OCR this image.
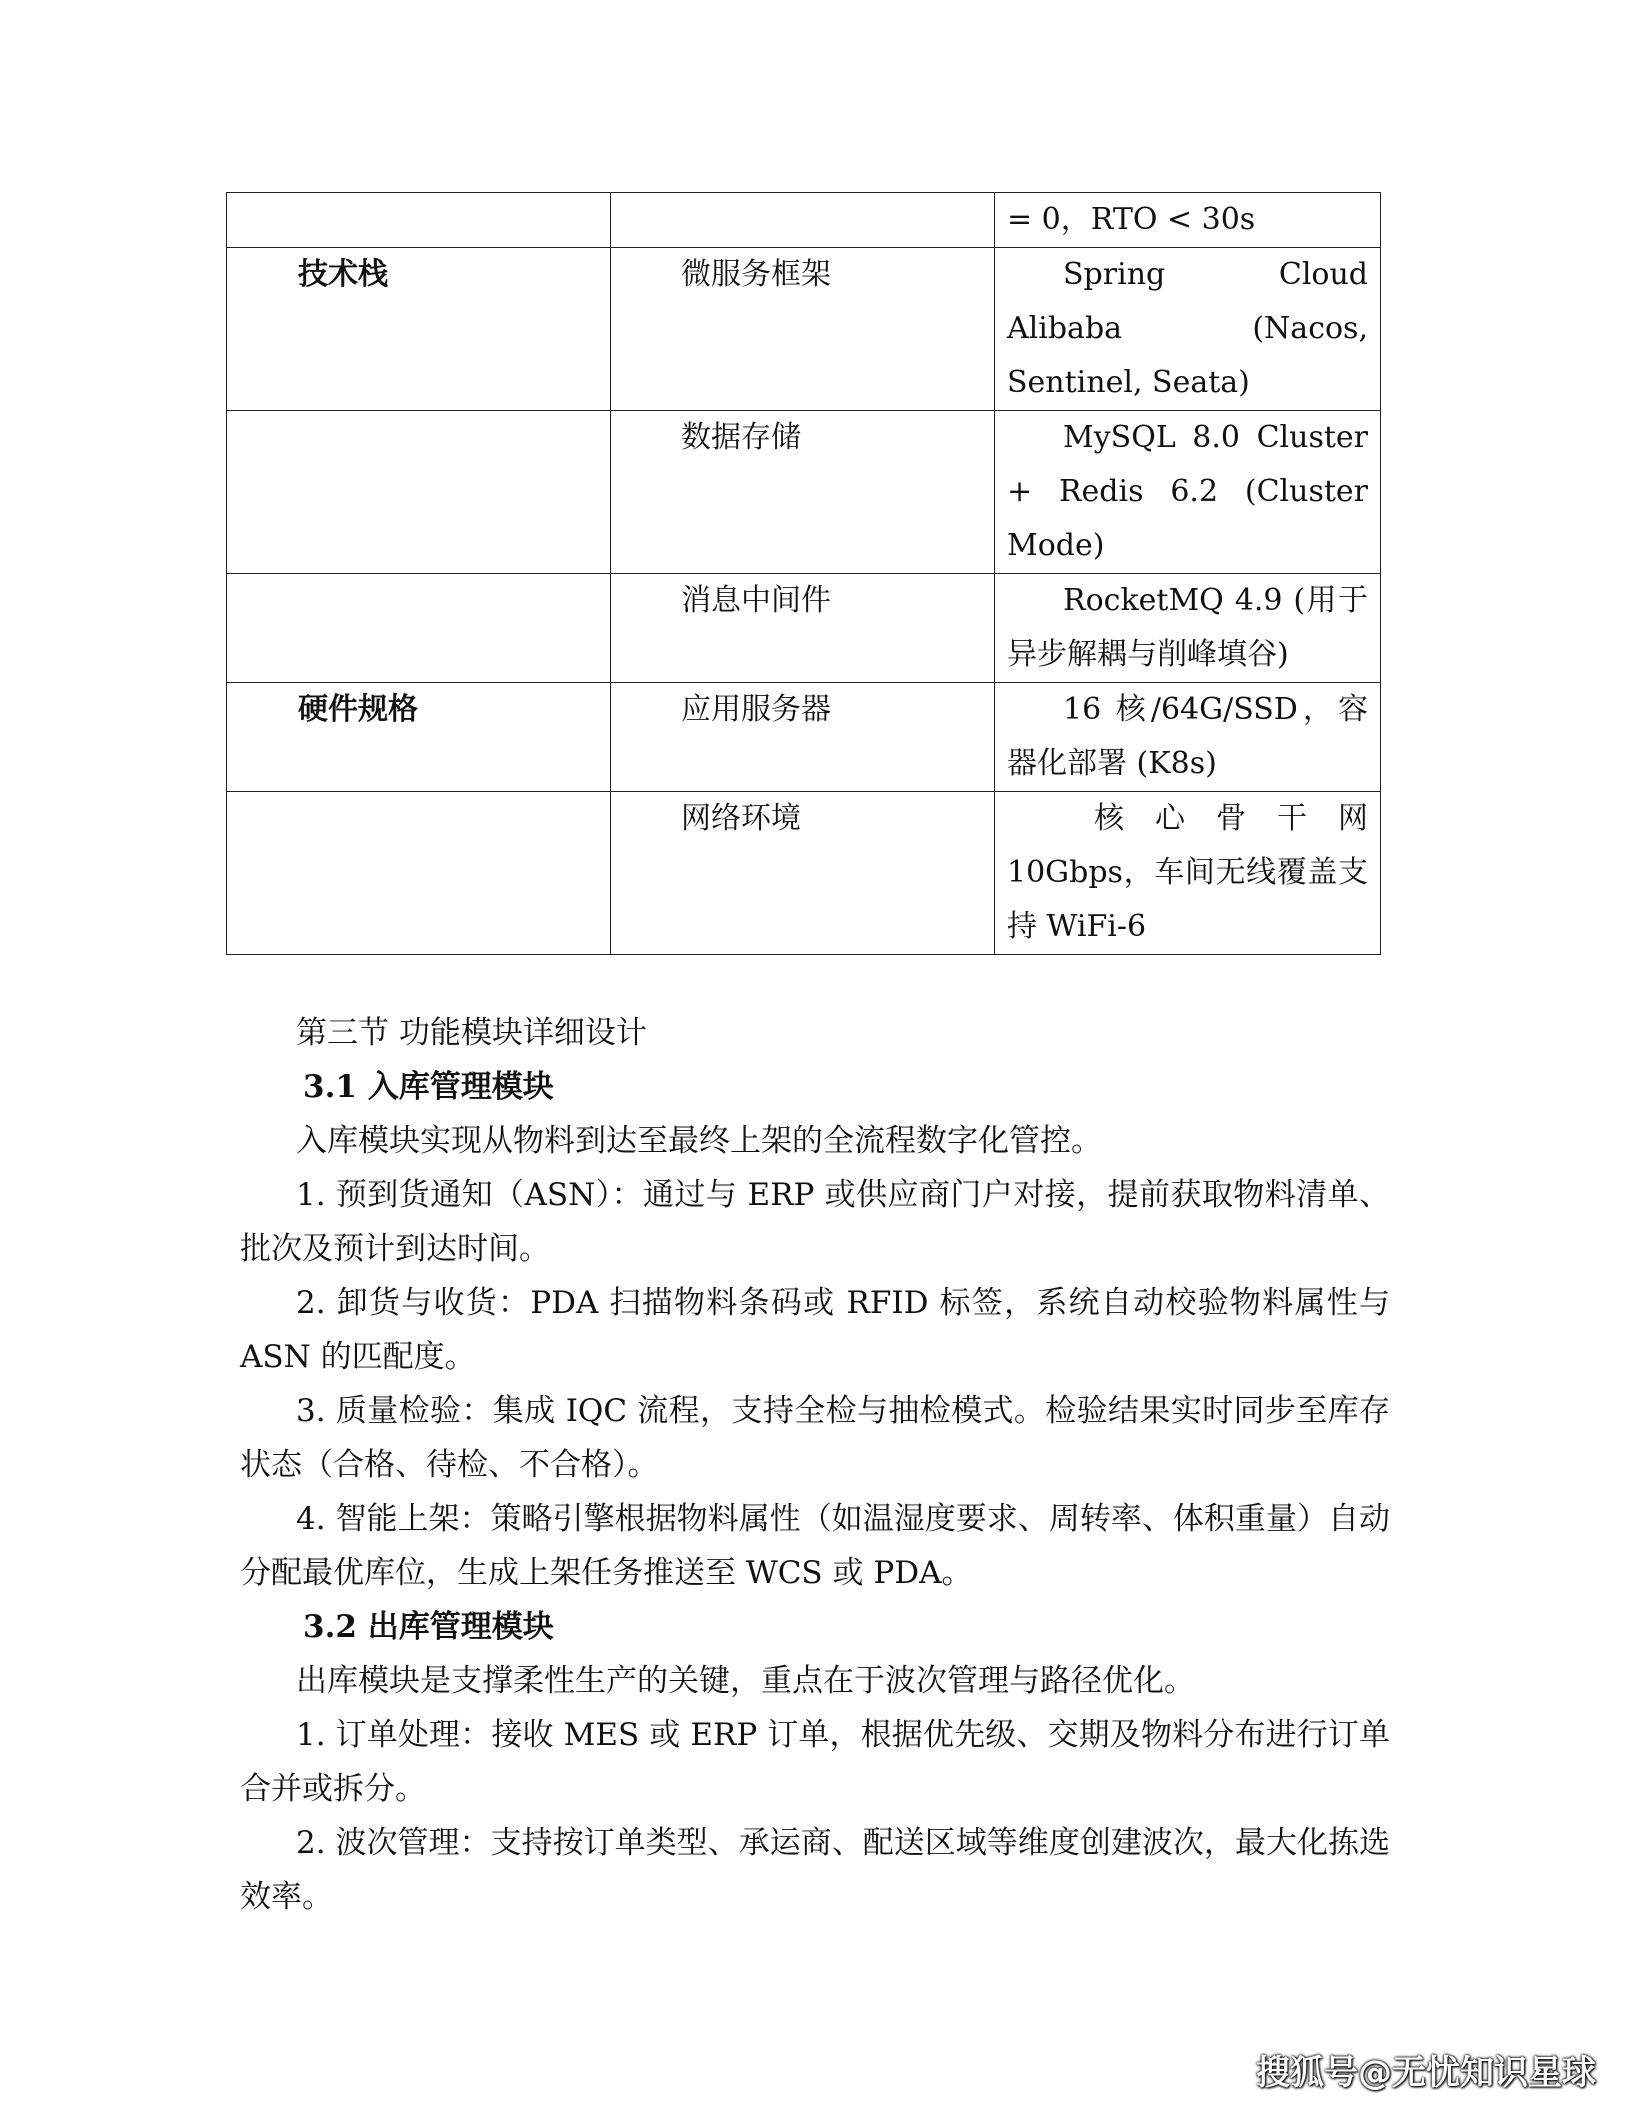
		= 0，RTO < 30s
技术栈	微服务框架	Spring Cloud Alibaba (Nacos, Sentinel, Seata)
	数据存储	MySQL 8.0 Cluster + Redis 6.2 (Cluster Mode)
	消息中间件	RocketMQ 4.9 (用于异步解耦与削峰填谷)
硬件规格	应用服务器	16 核/64G/SSD，容器化部署 (K8s)
	网络环境	核心骨干网 10Gbps，车间无线覆盖支持 WiFi-6

第三节 功能模块详细设计

3.1 入库管理模块

入库模块实现从物料到达至最终上架的全流程数字化管控。

1. 预到货通知（ASN）：通过与 ERP 或供应商门户对接，提前获取物料清单、批次及预计到达时间。

2. 卸货与收货：PDA 扫描物料条码或 RFID 标签，系统自动校验物料属性与 ASN 的匹配度。

3. 质量检验：集成 IQC 流程，支持全检与抽检模式。检验结果实时同步至库存状态（合格、待检、不合格）。

4. 智能上架：策略引擎根据物料属性（如温湿度要求、周转率、体积重量）自动分配最优库位，生成上架任务推送至 WCS 或 PDA。

3.2 出库管理模块

出库模块是支撑柔性生产的关键，重点在于波次管理与路径优化。

1. 订单处理：接收 MES 或 ERP 订单，根据优先级、交期及物料分布进行订单合并或拆分。

2. 波次管理：支持按订单类型、承运商、配送区域等维度创建波次，最大化拣选效率。

搜狐号@无忧知识星球
